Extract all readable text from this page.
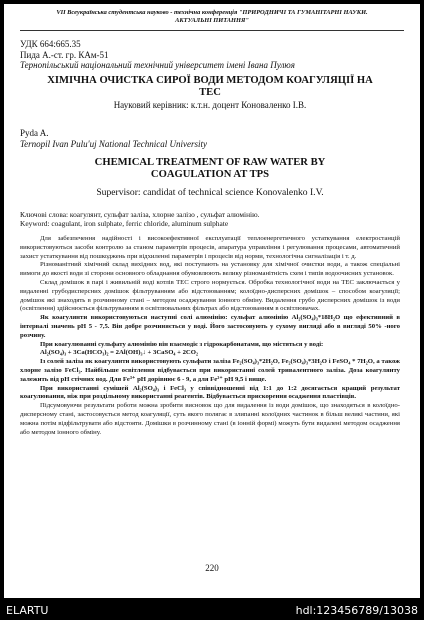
VII Всеукраїнська студентська науково - технічна конференція "ПРИРОДНИЧІ ТА ГУМАНІТАРНІ НАУКИ.
АКТУАЛЬНІ ПИТАННЯ"
УДК 664:665.35
Пида А.-ст. гр. КАм-51
Тернопільський національний технічний університет імені Івана Пулюя
ХІМІЧНА ОЧИСТКА СИРОЇ ВОДИ МЕТОДОМ КОАГУЛЯЦІЇ НА
ТЕС
Науковий керівник: к.т.н. доцент Коноваленко І.В.
Pyda A.
Ternopil Ivan Pulu'uj National Technical University
CHEMICAL TREATMENT OF RAW WATER BY
COAGULATION AT TPS
Supervisor: candidat of technical science Konovalenko I.V.
Ключові слова: коагулянт, сульфат заліза, хлорне залізо , сульфат алюмінію.
Keyword: coagulant, iron sulphate, ferric chloride, aluminum sulphate

Для забезпечення надійності і високоефективної експлуатації теплоенергетичного устаткування електростанцій використовуються засоби контролю за станом параметрів процесів, апаратура управління і регулювання процесами, автоматичний захист устаткування від пошкоджень при відхиленні параметрів і процесів від норми, технологічна сигналізація і т. д.

Різноманітний хімічний склад вихідних вод, які поступають на установку для хімічної очистки води, а також спеціальні вимоги до якості води зі сторони основного обладнання обумовлюють велику різноманітність схем і типів водоочисних установок.

Склад домішок в парі і живильній воді котлів ТЕС строго нормується. Обробка технологічної води на ТЕС заключається у видаленні грубодисперсних домішок фільтруванням або відстоюванням; колоїдно-дисперсних домішок – способом коагуляції; домішок які знаходять в розчинному стані – методом осаджування іонного обміну. Видалення грубо дисперсних домішок із води (освітлення) здійснюється фільтруванням в освітлювальних фільтрах або відстоюванням в освітлювачах.

Як коагулянти використовуються наступні солі алюмінію: сульфат алюмінію Al₂(SO₄)₃*18H₂O що ефективний в інтервалі значень pH 5 - 7,5. Він добре розчиняється у воді. Його застосовують у сухому вигляді або в вигляді 50% -ного розчину.

При коагулюванні сульфату алюмінію він взаємодіє з гідрокарбонатами, що містяться у воді:

Al₂(SO₄)₃ + 3Ca(HCO₃)₂ = 2Al(OH)₃↓ + 3CaSO₄ + 2CO₂

Із солей заліза як коагулянти використовують сульфати заліза Fe₂(SO₄)₃*2H₂O, Fe₂(SO₄)₃*3H₂O і FeSO₄ * 7H₂O, а також хлорне залізо FeCl₃. Найбільше освітлення відбувається при використанні солей тривалентного заліза. Доза коагулянту залежить від pH стічних вод. Для Fe³⁺ pH дорівнює 6 - 9, а для Fe²⁺ pH 9,5 і вище.

При використанні сумішей Al₂(SO₄)₃ і FeCl₃ у співвідношенні від 1:1 до 1:2 досягається кращий результат коагулювання, ніж при роздільному використанні реагентів. Відбувається прискорення осадження пластівців.

Підсумовуючи результати роботи можна зробити висновок що для видалення із води домішок, що знаходяться в колоїдно-дисперсному стані, застосовується метод коагуляції, суть якого полягає в злипанні колоїдних частинок в більш великі частини, які можна потім відфільтрувати або відстояти. Домішки в розчинному стані (в іонній формі) можуть бути видалені методом осадження або методом іонного обміну.

220
ELARTU	hdl:123456789/13038
